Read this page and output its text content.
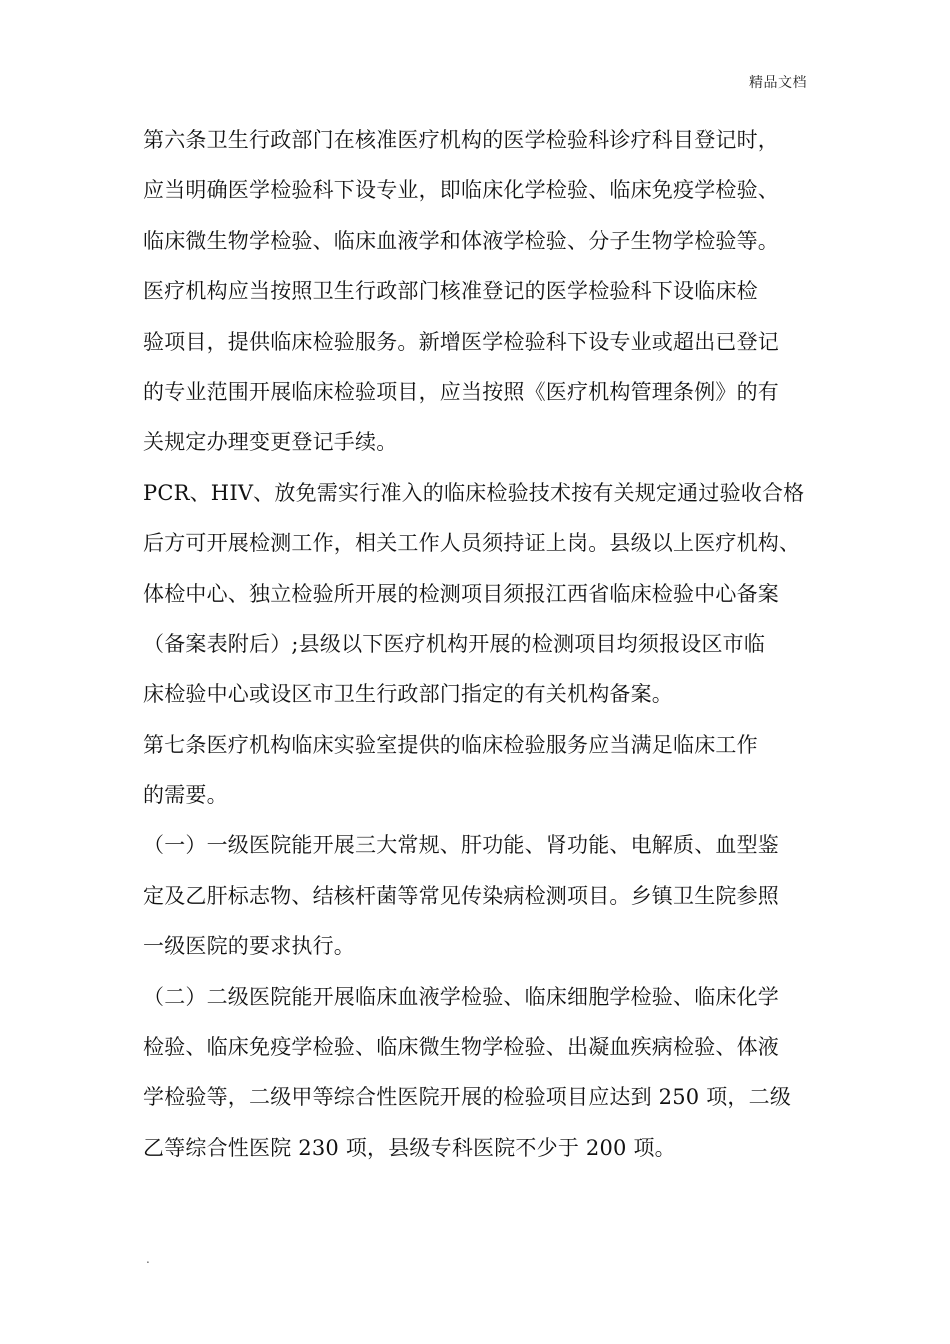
精品文档
第六条卫生行政部门在核准医疗机构的医学检验科诊疗科目登记时，
应当明确医学检验科下设专业，即临床化学检验、临床免疫学检验、
临床微生物学检验、临床血液学和体液学检验、分子生物学检验等。
医疗机构应当按照卫生行政部门核准登记的医学检验科下设临床检
验项目，提供临床检验服务。新增医学检验科下设专业或超出已登记
的专业范围开展临床检验项目，应当按照《医疗机构管理条例》的有
关规定办理变更登记手续。
PCR、HIV、放免需实行准入的临床检验技术按有关规定通过验收合格
后方可开展检测工作，相关工作人员须持证上岗。县级以上医疗机构、
体检中心、独立检验所开展的检测项目须报江西省临床检验中心备案
（备案表附后）;县级以下医疗机构开展的检测项目均须报设区市临
床检验中心或设区市卫生行政部门指定的有关机构备案。
第七条医疗机构临床实验室提供的临床检验服务应当满足临床工作
的需要。
（一）一级医院能开展三大常规、肝功能、肾功能、电解质、血型鉴
定及乙肝标志物、结核杆菌等常见传染病检测项目。乡镇卫生院参照
一级医院的要求执行。
（二）二级医院能开展临床血液学检验、临床细胞学检验、临床化学
检验、临床免疫学检验、临床微生物学检验、出凝血疾病检验、体液
学检验等，二级甲等综合性医院开展的检验项目应达到 250 项，二级
乙等综合性医院 230 项，县级专科医院不少于 200 项。
.
